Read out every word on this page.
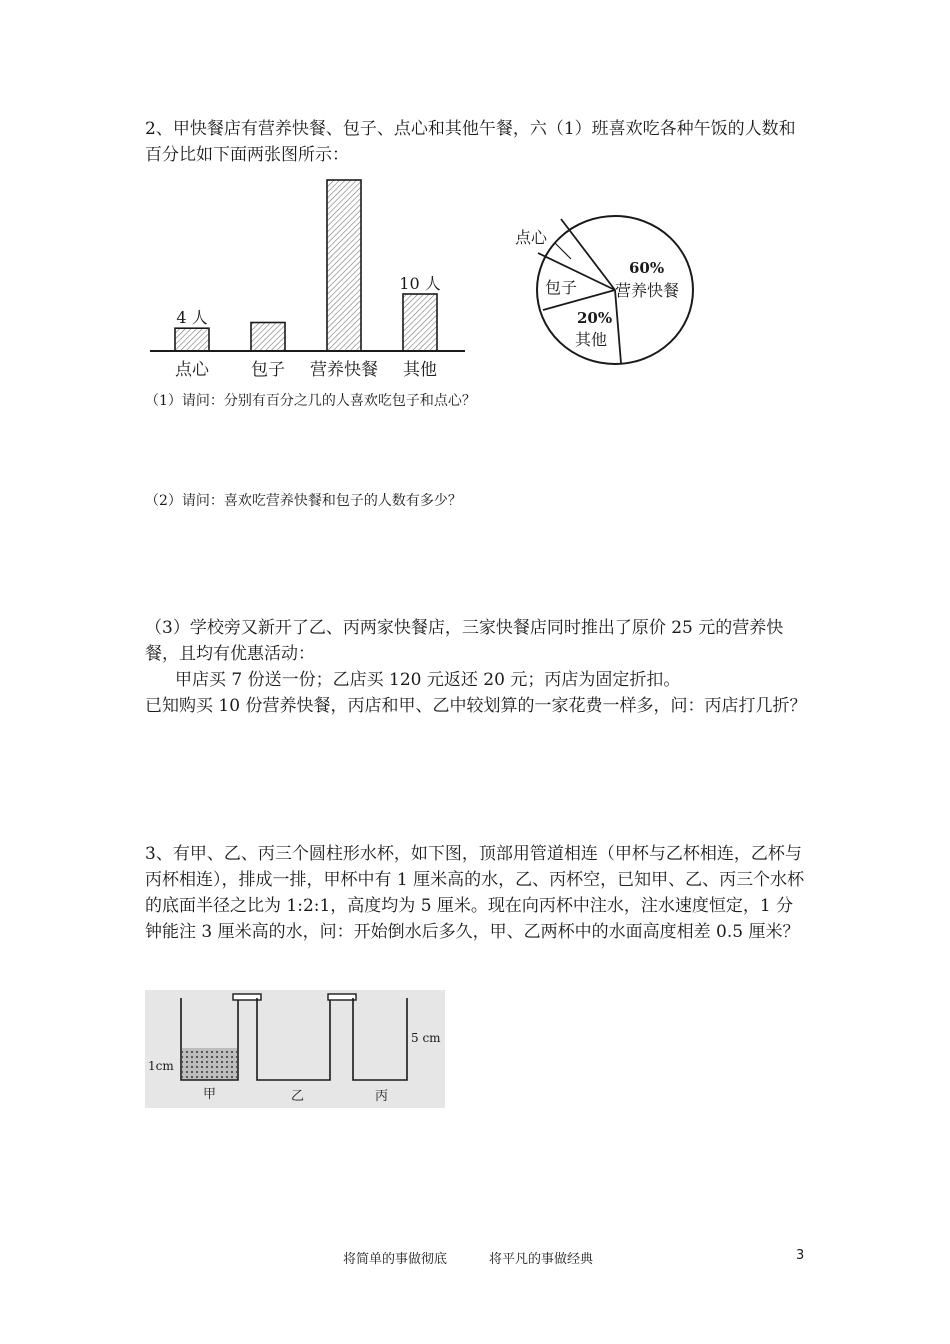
2、甲快餐店有营养快餐、包子、点心和其他午餐，六（1）班喜欢吃各种午饭的人数和百分比如下面两张图所示：

4 人
10 人
点心 包子 营养快餐 其他
点心
包子
60%
营养快餐
20%
其他

（1）请问：分别有百分之几的人喜欢吃包子和点心？

（2）请问：喜欢吃营养快餐和包子的人数有多少？

（3）学校旁又新开了乙、丙两家快餐店，三家快餐店同时推出了原价 25 元的营养快餐，且均有优惠活动：

甲店买 7 份送一份；乙店买 120 元返还 20 元；丙店为固定折扣。

已知购买 10 份营养快餐，丙店和甲、乙中较划算的一家花费一样多，问：丙店打几折？

3、有甲、乙、丙三个圆柱形水杯，如下图，顶部用管道相连（甲杯与乙杯相连，乙杯与丙杯相连），排成一排，甲杯中有 1 厘米高的水，乙、丙杯空，已知甲、乙、丙三个水杯的底面半径之比为 1:2:1，高度均为 5 厘米。现在向丙杯中注水，注水速度恒定，1 分钟能注 3 厘米高的水，问：开始倒水后多久，甲、乙两杯中的水面高度相差 0.5 厘米？

1cm
5 cm
甲	乙	丙
将简单的事做彻底	将平凡的事做经典	3
